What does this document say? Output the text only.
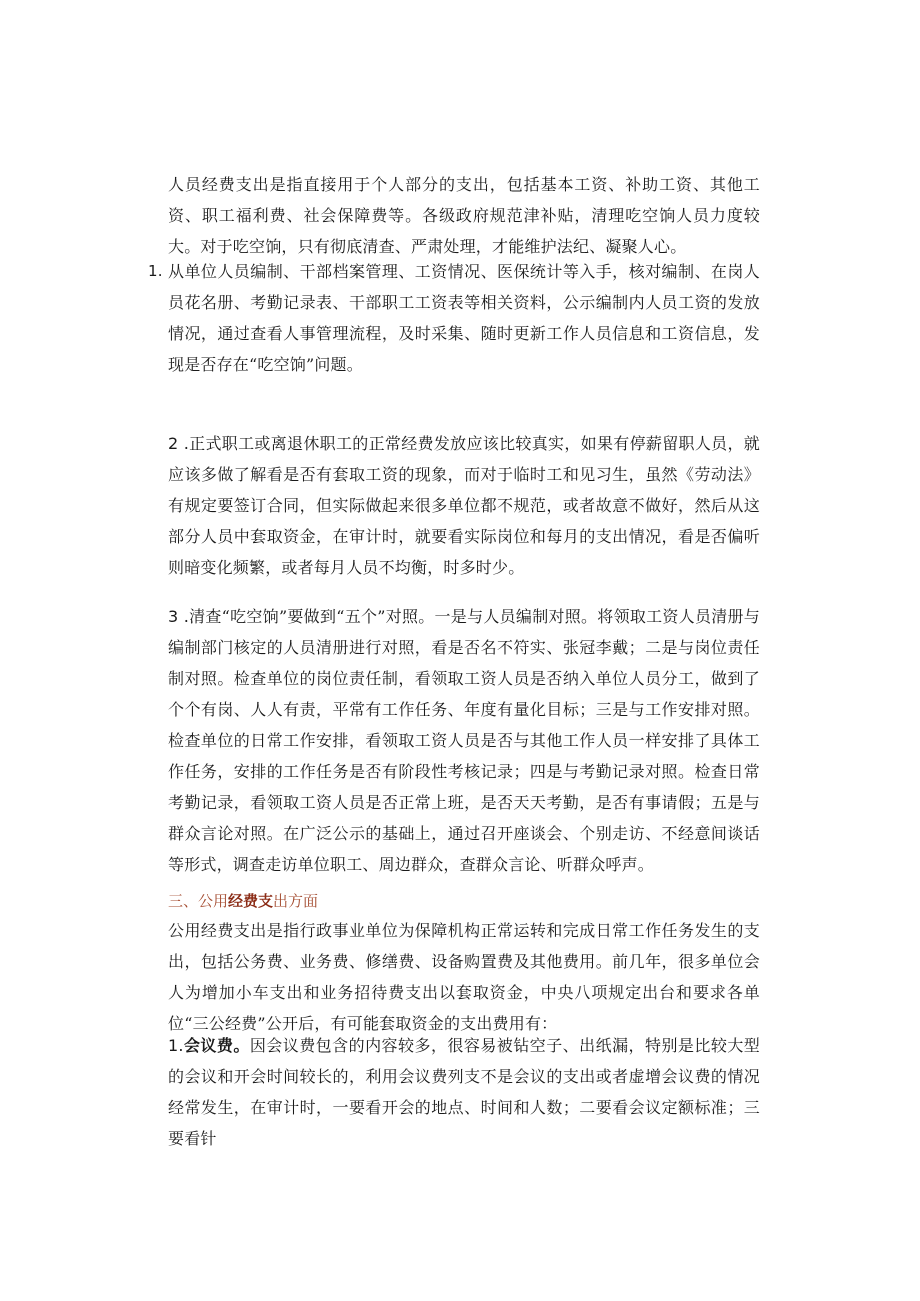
人员经费支出是指直接用于个人部分的支出，包括基本工资、补助工资、其他工资、职工福利费、社会保障费等。各级政府规范津补贴，清理吃空饷人员力度较大。对于吃空饷，只有彻底清查、严肃处理，才能维护法纪、凝聚人心。

1. 从单位人员编制、干部档案管理、工资情况、医保统计等入手，核对编制、在岗人员花名册、考勤记录表、干部职工工资表等相关资料，公示编制内人员工资的发放情况，通过查看人事管理流程，及时采集、随时更新工作人员信息和工资信息，发现是否存在“吃空饷”问题。

2 .正式职工或离退休职工的正常经费发放应该比较真实，如果有停薪留职人员，就应该多做了解看是否有套取工资的现象，而对于临时工和见习生，虽然《劳动法》有规定要签订合同，但实际做起来很多单位都不规范，或者故意不做好，然后从这部分人员中套取资金，在审计时，就要看实际岗位和每月的支出情况，看是否偏听则暗变化频繁，或者每月人员不均衡，时多时少。

3 .清查“吃空饷”要做到“五个”对照。一是与人员编制对照。将领取工资人员清册与编制部门核定的人员清册进行对照，看是否名不符实、张冠李戴；二是与岗位责任制对照。检查单位的岗位责任制，看领取工资人员是否纳入单位人员分工，做到了个个有岗、人人有责，平常有工作任务、年度有量化目标；三是与工作安排对照。检查单位的日常工作安排，看领取工资人员是否与其他工作人员一样安排了具体工作任务，安排的工作任务是否有阶段性考核记录；四是与考勤记录对照。检查日常考勤记录，看领取工资人员是否正常上班，是否天天考勤，是否有事请假；五是与群众言论对照。在广泛公示的基础上，通过召开座谈会、个别走访、不经意间谈话等形式，调查走访单位职工、周边群众，查群众言论、听群众呼声。

三、公用经费支出方面

公用经费支出是指行政事业单位为保障机构正常运转和完成日常工作任务发生的支出，包括公务费、业务费、修缮费、设备购置费及其他费用。前几年，很多单位会人为增加小车支出和业务招待费支出以套取资金，中央八项规定出台和要求各单位“三公经费”公开后，有可能套取资金的支出费用有：

1.会议费。因会议费包含的内容较多，很容易被钻空子、出纸漏，特别是比较大型的会议和开会时间较长的，利用会议费列支不是会议的支出或者虚增会议费的情况经常发生，在审计时，一要看开会的地点、时间和人数；二要看会议定额标准；三要看针
